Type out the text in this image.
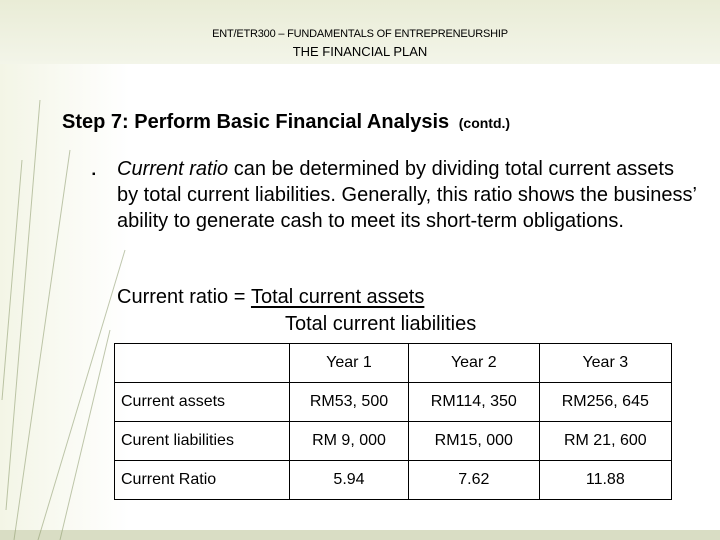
ENT/ETR300 – FUNDAMENTALS OF ENTREPRENEURSHIP
THE FINANCIAL PLAN
Step 7: Perform Basic Financial Analysis (contd.)
▪ Current ratio can be determined by dividing total current assets by total current liabilities. Generally, this ratio shows the business’ ability to generate cash to meet its short-term obligations.
Current ratio = Total current assets
Total current liabilities
	Year 1	Year 2	Year 3
Current assets	RM53, 500	RM114, 350	RM256, 645
Curent liabilities	RM 9, 000	RM15, 000	RM 21, 600
Current Ratio	5.94	7.62	11.88
